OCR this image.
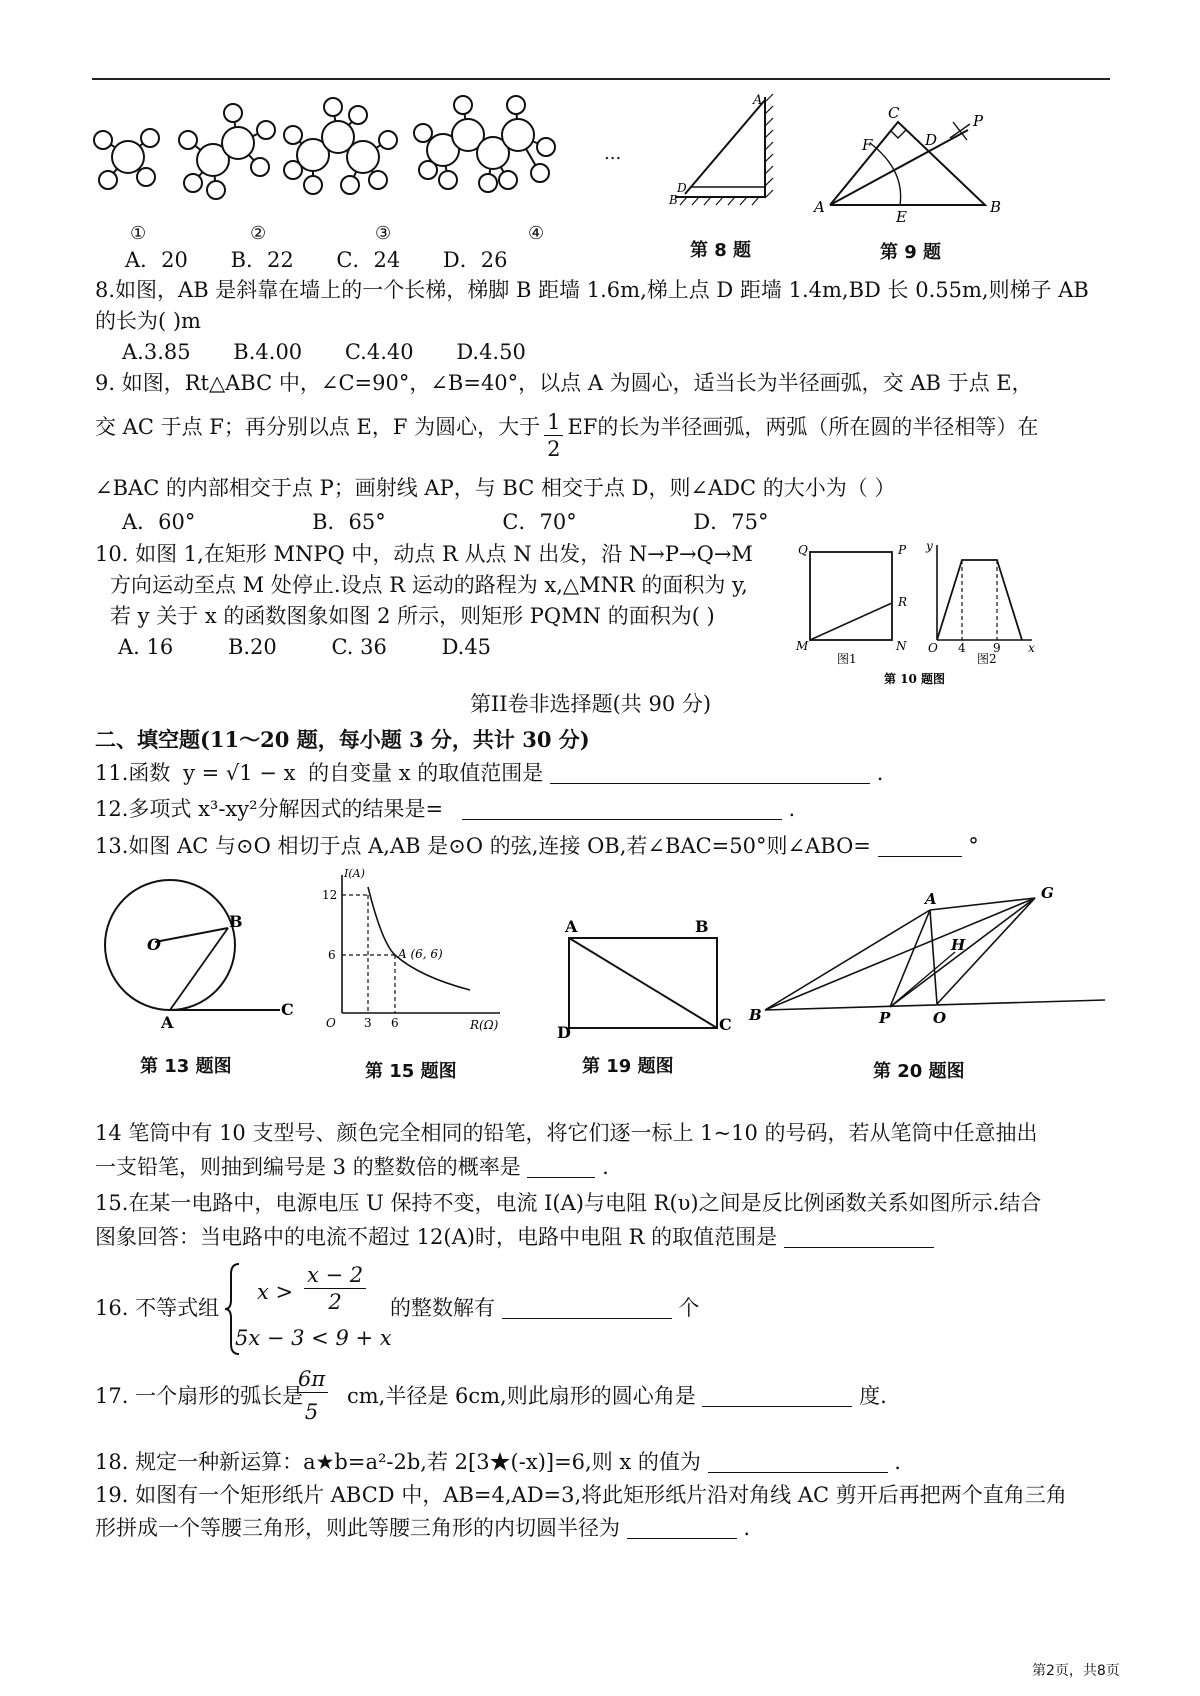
...
①	②	③	④
A．20 B．22 C．24 D．26
A
D
B
第 8 题
C
F	D
P
A
E
B
第 9 题
8.如图，AB 是斜靠在墙上的一个长梯，梯脚 B 距墙 1.6m,梯上点 D 距墙 1.4m,BD 长 0.55m,则梯子 AB
的长为( )m
A.3.85 B.4.00 C.4.40 D.4.50
9. 如图，Rt△ABC 中，∠C=90°，∠B=40°，以点 A 为圆心，适当长为半径画弧，交 AB 于点 E，
交 AC 于点 F；再分别以点 E，F 为圆心，大于 $\frac{1}{2}$ EF的长为半径画弧，两弧（所在圆的半径相等）在
∠BAC 的内部相交于点 P；画射线 AP，与 BC 相交于点 D，则∠ADC 的大小为（ ）
A．60°	B．65°	C．70°	D．75°
10. 如图 1,在矩形 MNPQ 中，动点 R 从点 N 出发，沿 N→P→Q→M
方向运动至点 M 处停止.设点 R 运动的路程为 x,△MNR 的面积为 y,
若 y 关于 x 的函数图象如图 2 所示，则矩形 PQMN 的面积为( )
A. 16	B.20	C. 36	D.45
Q	P
R
M	N
图1
y
O 4 9 x
图2
第 10 题图
第II卷非选择题(共 90 分)
二、填空题(11～20 题，每小题 3 分，共计 30 分)
11.函数 y = √1 − x 的自变量 x 的取值范围是	.
12.多项式 x³-xy²分解因式的结果是=	.
13.如图 AC 与⊙O 相切于点 A,AB 是⊙O 的弦,连接 OB,若∠BAC=50°则∠ABO=	°
O
B
A
C
第 13 题图
I(A)
12
6	A (6, 6)
O 3 6	R(Ω)
第 15 题图
A	B
C
D
第 19 题图
A	G
H
B	P	O
第 20 题图
14 笔筒中有 10 支型号、颜色完全相同的铅笔，将它们逐一标上 1~10 的号码，若从笔筒中任意抽出
一支铅笔，则抽到编号是 3 的整数倍的概率是	.
15.在某一电路中，电源电压 U 保持不变，电流 I(A)与电阻 R(υ)之间是反比例函数关系如图所示.结合
图象回答：当电路中的电流不超过 12(A)时，电路中电阻 R 的取值范围是
16. 不等式组
$x > \frac{x - 2}{2}$
5x − 3 < 9 + x
的整数解有	个
17. 一个扇形的弧长是
$\frac{6\pi}{5}$ cm,半径是 6cm,则此扇形的圆心角是	度.
18. 规定一种新运算：a★b=a²-2b,若 2[3★(-x)]=6,则 x 的值为	.
19. 如图有一个矩形纸片 ABCD 中，AB=4,AD=3,将此矩形纸片沿对角线 AC 剪开后再把两个直角三角
形拼成一个等腰三角形，则此等腰三角形的内切圆半径为	.
第2页，共8页
